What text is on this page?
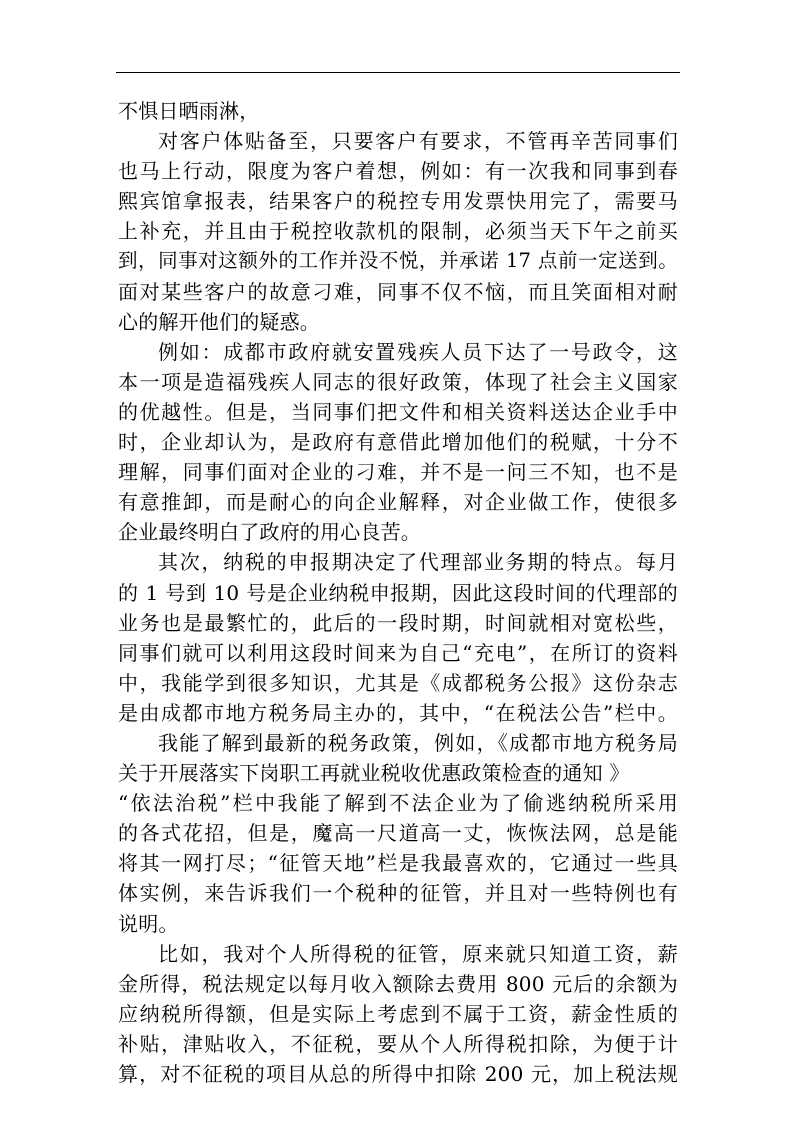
不惧日晒雨淋，
对客户体贴备至，只要客户有要求，不管再辛苦同事们
也马上行动，限度为客户着想，例如：有一次我和同事到春
熙宾馆拿报表，结果客户的税控专用发票快用完了，需要马
上补充，并且由于税控收款机的限制，必须当天下午之前买
到，同事对这额外的工作并没不悦，并承诺 17 点前一定送到。
面对某些客户的故意刁难，同事不仅不恼，而且笑面相对耐
心的解开他们的疑惑。
例如：成都市政府就安置残疾人员下达了一号政令，这
本一项是造福残疾人同志的很好政策，体现了社会主义国家
的优越性。但是，当同事们把文件和相关资料送达企业手中
时，企业却认为，是政府有意借此增加他们的税赋，十分不
理解，同事们面对企业的刁难，并不是一问三不知，也不是
有意推卸，而是耐心的向企业解释，对企业做工作，使很多
企业最终明白了政府的用心良苦。
其次，纳税的申报期决定了代理部业务期的特点。每月
的 1 号到 10 号是企业纳税申报期，因此这段时间的代理部的
业务也是最繁忙的，此后的一段时期，时间就相对宽松些，
同事们就可以利用这段时间来为自己“充电”，在所订的资料
中，我能学到很多知识，尤其是《成都税务公报》这份杂志
是由成都市地方税务局主办的，其中，“在税法公告”栏中。
我能了解到最新的税务政策，例如，《成都市地方税务局
关于开展落实下岗职工再就业税收优惠政策检查的通知 》
“依法治税”栏中我能了解到不法企业为了偷逃纳税所采用
的各式花招，但是，魔高一尺道高一丈，恢恢法网，总是能
将其一网打尽；“征管天地”栏是我最喜欢的，它通过一些具
体实例，来告诉我们一个税种的征管，并且对一些特例也有
说明。
比如，我对个人所得税的征管，原来就只知道工资，薪
金所得，税法规定以每月收入额除去费用 800 元后的余额为
应纳税所得额，但是实际上考虑到不属于工资，薪金性质的
补贴，津贴收入，不征税，要从个人所得税扣除，为便于计
算，对不征税的项目从总的所得中扣除 200 元，加上税法规
